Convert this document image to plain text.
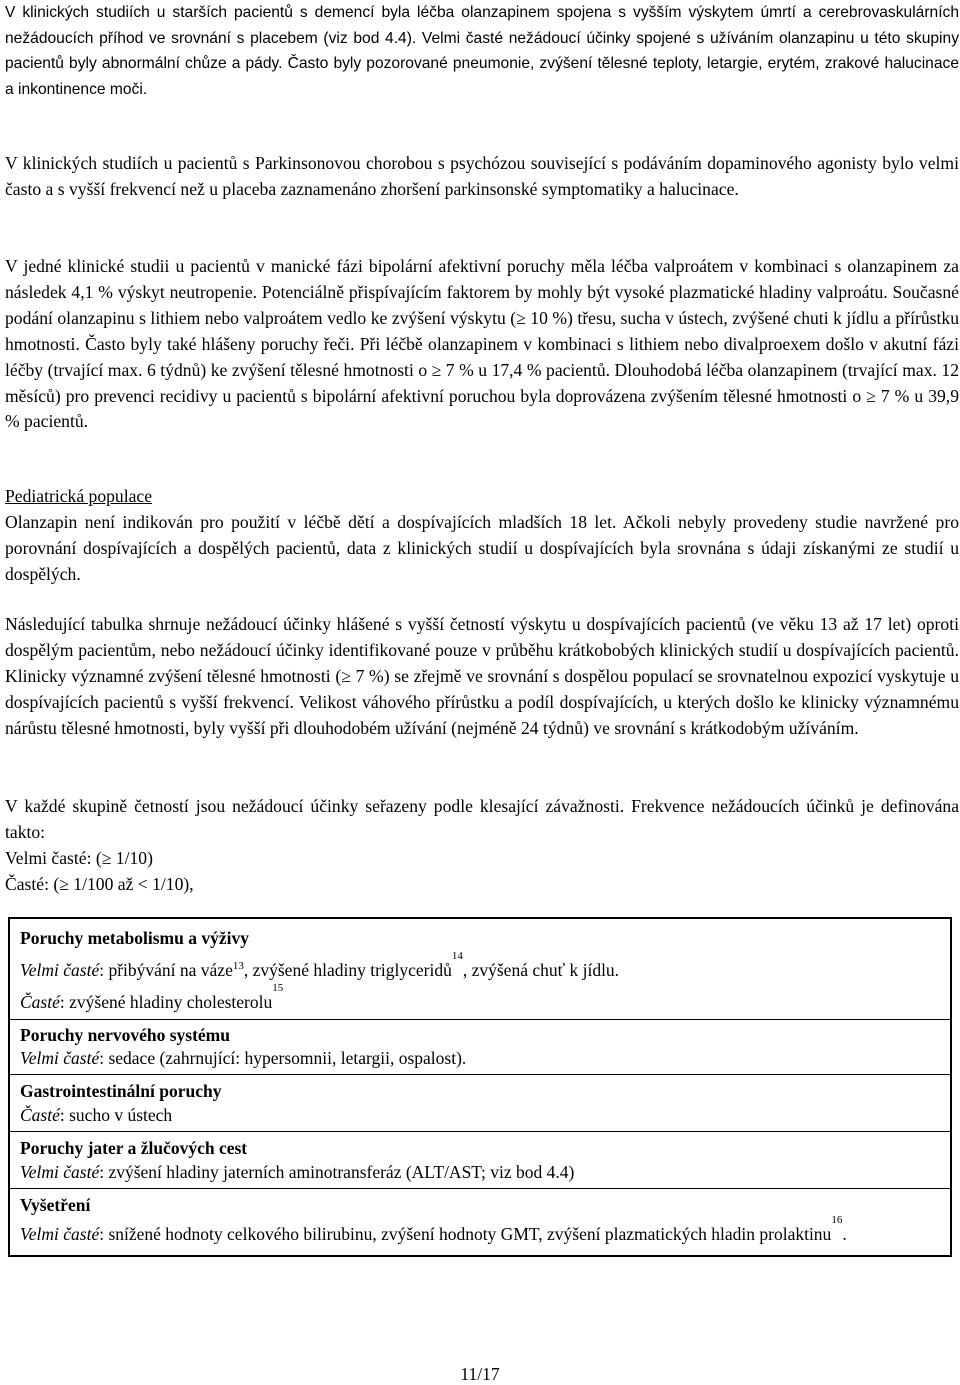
V klinických studiích u starších pacientů s demencí byla léčba olanzapinem spojena s vyšším výskytem úmrtí a cerebrovaskulárních nežádoucích příhod ve srovnání s placebem (viz bod 4.4). Velmi časté nežádoucí účinky spojené s užíváním olanzapinu u této skupiny pacientů byly abnormální chůze a pády. Často byly pozorované pneumonie, zvýšení tělesné teploty, letargie, erytém, zrakové halucinace a inkontinence moči.

V klinických studiích u pacientů s Parkinsonovou chorobou s psychózou související s podáváním dopaminového agonisty bylo velmi často a s vyšší frekvencí než u placeba zaznamenáno zhoršení parkinsonské symptomatiky a halucinace.

V jedné klinické studii u pacientů v manické fázi bipolární afektivní poruchy měla léčba valproátem v kombinaci s olanzapinem za následek 4,1 % výskyt neutropenie. Potenciálně přispívajícím faktorem by mohly být vysoké plazmatické hladiny valproátu. Současné podání olanzapinu s lithiem nebo valproátem vedlo ke zvýšení výskytu (≥ 10 %) třesu, sucha v ústech, zvýšené chuti k jídlu a přírůstku hmotnosti. Často byly také hlášeny poruchy řeči. Při léčbě olanzapinem v kombinaci s lithiem nebo divalproexem došlo v akutní fázi léčby (trvající max. 6 týdnů) ke zvýšení tělesné hmotnosti o ≥ 7 % u 17,4 % pacientů. Dlouhodobá léčba olanzapinem (trvající max. 12 měsíců) pro prevenci recidivy u pacientů s bipolární afektivní poruchou byla doprovázena zvýšením tělesné hmotnosti o ≥ 7 % u 39,9 % pacientů.

Pediatrická populace

Olanzapin není indikován pro použití v léčbě dětí a dospívajících mladších 18 let. Ačkoli nebyly provedeny studie navržené pro porovnání dospívajících a dospělých pacientů, data z klinických studií u dospívajících byla srovnána s údaji získanými ze studií u dospělých.

Následující tabulka shrnuje nežádoucí účinky hlášené s vyšší četností výskytu u dospívajících pacientů (ve věku 13 až 17 let) oproti dospělým pacientům, nebo nežádoucí účinky identifikované pouze v průběhu krátkobobých klinických studií u dospívajících pacientů. Klinicky významné zvýšení tělesné hmotnosti (≥ 7 %) se zřejmě ve srovnání s dospělou populací se srovnatelnou expozicí vyskytuje u dospívajících pacientů s vyšší frekvencí. Velikost váhového přírůstku a podíl dospívajících, u kterých došlo ke klinicky významnému nárůstu tělesné hmotnosti, byly vyšší při dlouhodobém užívání (nejméně 24 týdnů) ve srovnání s krátkodobým užíváním.

V každé skupině četností jsou nežádoucí účinky seřazeny podle klesající závažnosti. Frekvence nežádoucích účinků je definována takto:

Velmi časté: (≥ 1/10)

Časté: (≥ 1/100 až < 1/10),

Poruchy metabolismu a výživy
Velmi časté: přibývání na váze$^{13}$, zvýšené hladiny triglyceridů$^{14}$, zvýšená chuť k jídlu.
Časté: zvýšené hladiny cholesterolu$^{15}$
Poruchy nervového systému
Velmi časté: sedace (zahrnující: hypersomnii, letargii, ospalost).
Gastrointestinální poruchy
Časté: sucho v ústech
Poruchy jater a žlučových cest
Velmi časté: zvýšení hladiny jaterních aminotransferáz (ALT/AST; viz bod 4.4)
Vyšetření
Velmi časté: snížené hodnoty celkového bilirubinu, zvýšení hodnoty GMT, zvýšení plazmatických hladin prolaktinu$^{16}$.
11/17
